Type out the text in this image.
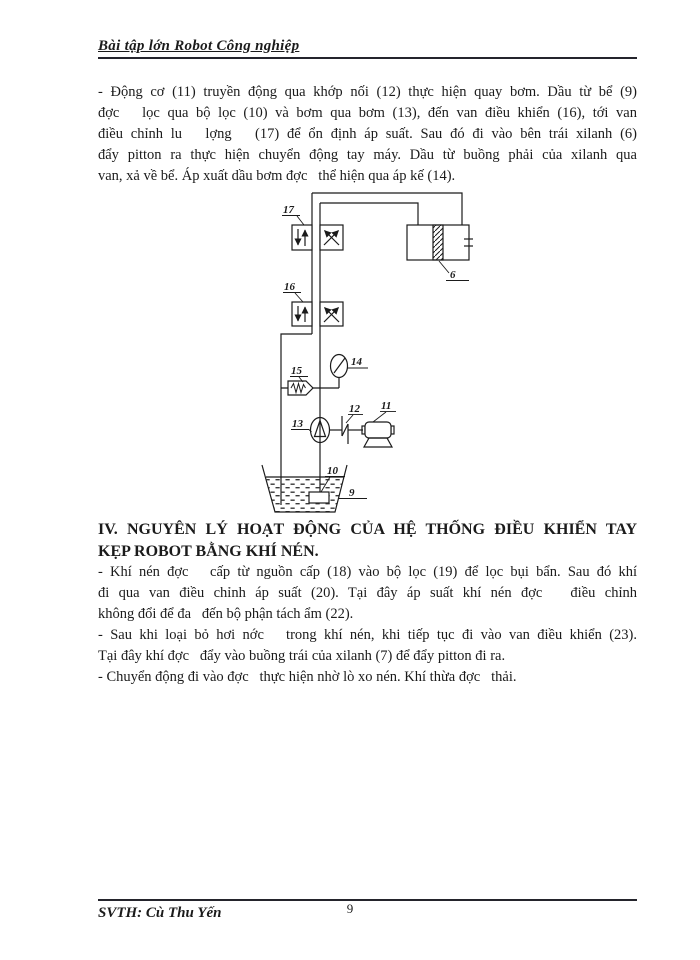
Bài tập lớn Robot Công nghiệp
- Động cơ (11) truyền động qua khớp nối (12) thực hiện quay bơm. Dầu từ bể (9)
đợc   lọc qua bộ lọc (10) và bơm qua bơm (13), đến van điều khiển (16), tới van
điều chỉnh lu   lợng   (17) để ổn định áp suất. Sau đó đi vào bên trái xilanh (6)
đẩy pitton ra thực hiện chuyển động tay máy. Dầu từ buồng phải của xilanh qua
van, xả về bể. Áp xuất dầu bơm đợc   thể hiện qua áp kế (14).
17
16
15
14
13
12 11
6
10
9
IV. NGUYÊN LÝ HOẠT ĐỘNG CỦA HỆ THỐNG ĐIỀU KHIỂN TAY
KẸP ROBOT BẰNG KHÍ NÉN.
- Khí nén đợc   cấp từ nguồn cấp (18) vào bộ lọc (19) để lọc bụi bẩn. Sau đó khí
đi qua van điều chỉnh áp suất (20). Tại đây áp suất khí nén đợc   điều chỉnh
không đổi để đa   đến bộ phận tách ẩm (22).
- Sau khi loại bỏ hơi nớc   trong khí nén, khi tiếp tục đi vào van điều khiển (23).
Tại đây khí đợc   đẩy vào buồng trái của xilanh (7) để đẩy pitton đi ra.
- Chuyển động đi vào đợc   thực hiện nhờ lò xo nén. Khí thừa đợc   thải.
SVTH: Cù Thu Yến	9
